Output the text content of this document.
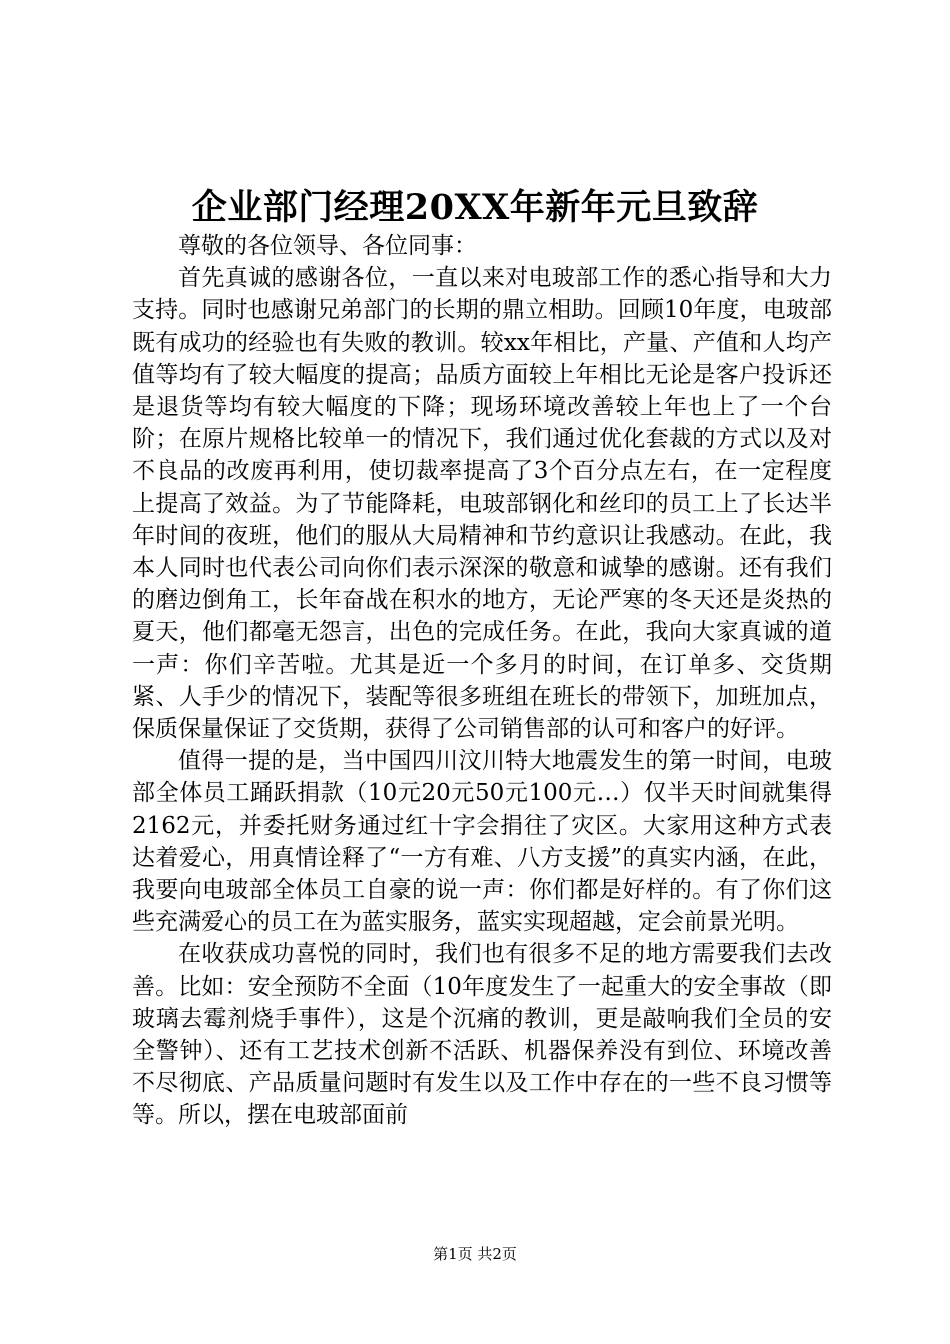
企业部门经理20XX年新年元旦致辞

尊敬的各位领导、各位同事：

首先真诚的感谢各位，一直以来对电玻部工作的悉心指导和大力支持。同时也感谢兄弟部门的长期的鼎立相助。回顾10年度，电玻部既有成功的经验也有失败的教训。较xx年相比，产量、产值和人均产值等均有了较大幅度的提高；品质方面较上年相比无论是客户投诉还是退货等均有较大幅度的下降；现场环境改善较上年也上了一个台阶；在原片规格比较单一的情况下，我们通过优化套裁的方式以及对不良品的改废再利用，使切裁率提高了3个百分点左右，在一定程度上提高了效益。为了节能降耗，电玻部钢化和丝印的员工上了长达半年时间的夜班，他们的服从大局精神和节约意识让我感动。在此，我本人同时也代表公司向你们表示深深的敬意和诚挚的感谢。还有我们的磨边倒角工，长年奋战在积水的地方，无论严寒的冬天还是炎热的夏天，他们都毫无怨言，出色的完成任务。在此，我向大家真诚的道一声：你们辛苦啦。尤其是近一个多月的时间，在订单多、交货期紧、人手少的情况下，装配等很多班组在班长的带领下，加班加点，保质保量保证了交货期，获得了公司销售部的认可和客户的好评。

值得一提的是，当中国四川汶川特大地震发生的第一时间，电玻部全体员工踊跃捐款（10元20元50元100元…）仅半天时间就集得2162元，并委托财务通过红十字会捐往了灾区。大家用这种方式表达着爱心，用真情诠释了“一方有难、八方支援”的真实内涵，在此，我要向电玻部全体员工自豪的说一声：你们都是好样的。有了你们这些充满爱心的员工在为蓝实服务，蓝实实现超越，定会前景光明。

在收获成功喜悦的同时，我们也有很多不足的地方需要我们去改善。比如：安全预防不全面（10年度发生了一起重大的安全事故（即玻璃去霉剂烧手事件），这是个沉痛的教训，更是敲响我们全员的安全警钟）、还有工艺技术创新不活跃、机器保养没有到位、环境改善不尽彻底、产品质量问题时有发生以及工作中存在的一些不良习惯等等。所以，摆在电玻部面前

第1页 共2页
